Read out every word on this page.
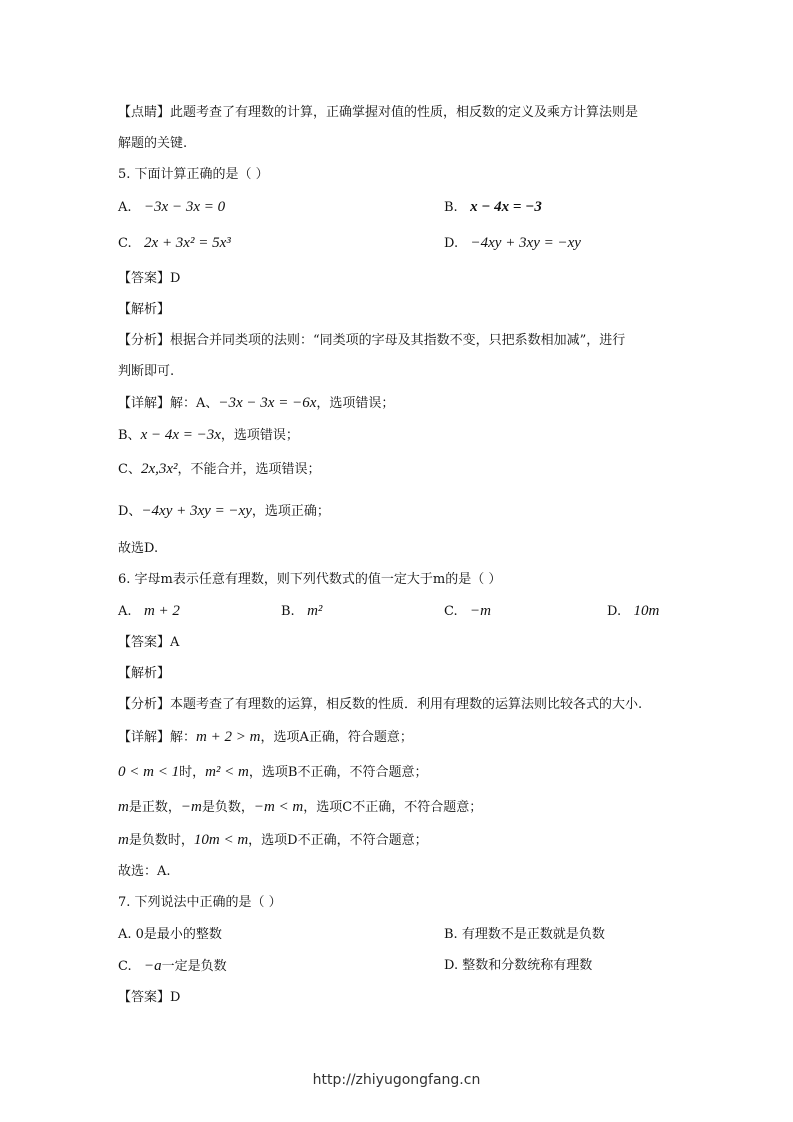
【点睛】此题考查了有理数的计算，正确掌握对值的性质，相反数的定义及乘方计算法则是
解题的关键.
5. 下面计算正确的是（ ）
A. −3x − 3x = 0	B. x − 4x = −3
C. 2x + 3x² = 5x³	D. −4xy + 3xy = −xy
【答案】D
【解析】
【分析】根据合并同类项的法则：“同类项的字母及其指数不变，只把系数相加减”，进行
判断即可.
【详解】解：A、−3x − 3x = −6x，选项错误；
B、x − 4x = −3x，选项错误；
C、2x,3x²，不能合并，选项错误；
D、−4xy + 3xy = −xy，选项正确；
故选D.
6. 字母m表示任意有理数，则下列代数式的值一定大于m的是（ ）
A. m + 2	B. m²	C. −m	D. 10m
【答案】A
【解析】
【分析】本题考查了有理数的运算，相反数的性质．利用有理数的运算法则比较各式的大小.
【详解】解：m + 2 > m，选项A正确，符合题意；
0 < m < 1时，m² < m，选项B不正确，不符合题意；
m是正数，−m是负数，−m < m，选项C不正确，不符合题意；
m是负数时，10m < m，选项D不正确，不符合题意；
故选：A.
7. 下列说法中正确的是（ ）
A. 0是最小的整数	B. 有理数不是正数就是负数
C. −a一定是负数	D. 整数和分数统称有理数
【答案】D
http://zhiyugongfang.cn
